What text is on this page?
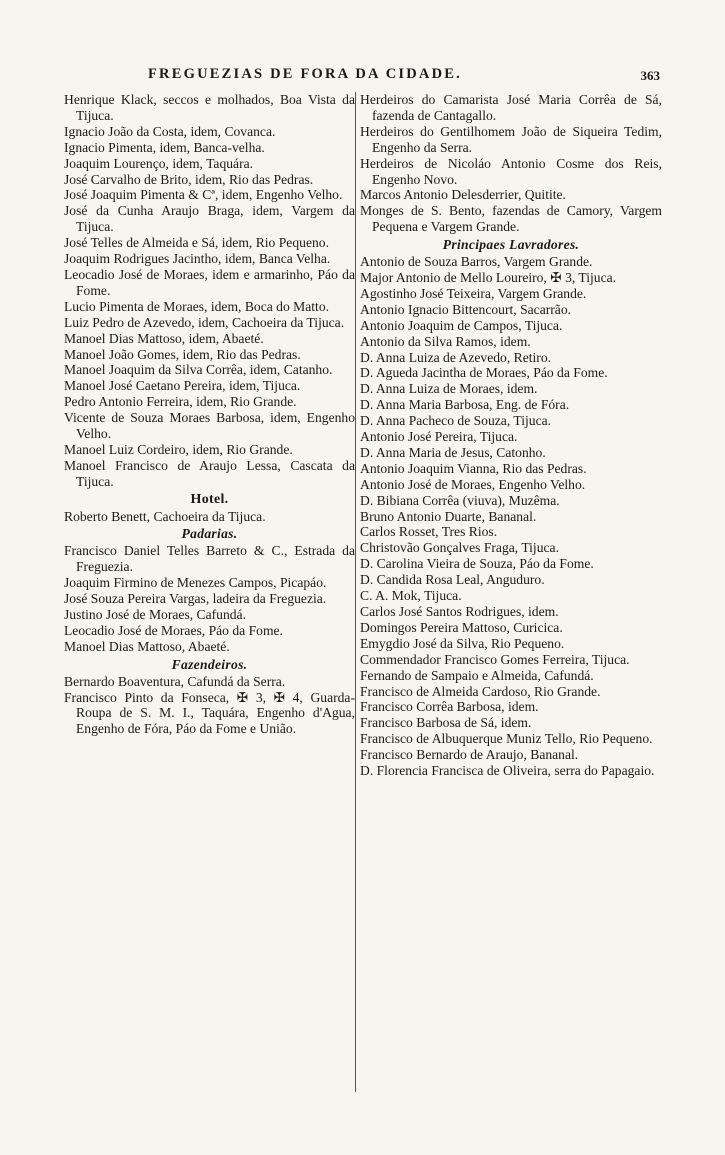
FREGUEZIAS DE FORA DA CIDADE.	363
Henrique Klack, seccos e molhados, Boa Vista da Tijuca.
Ignacio João da Costa, idem, Covanca.
Ignacio Pimenta, idem, Banca-velha.
Joaquim Lourenço, idem, Taquára.
José Carvalho de Brito, idem, Rio das Pedras.
José Joaquim Pimenta & Cª, idem, Engenho Velho.
José da Cunha Araujo Braga, idem, Vargem da Tijuca.
José Telles de Almeida e Sá, idem, Rio Pequeno.
Joaquim Rodrigues Jacintho, idem, Banca Velha.
Leocadio José de Moraes, idem e armarinho, Páo da Fome.
Lucio Pimenta de Moraes, idem, Boca do Matto.
Luiz Pedro de Azevedo, idem, Cachoeira da Tijuca.
Manoel Dias Mattoso, idem, Abaeté.
Manoel João Gomes, idem, Rio das Pedras.
Manoel Joaquim da Silva Corrêa, idem, Catanho.
Manoel José Caetano Pereira, idem, Tijuca.
Pedro Antonio Ferreira, idem, Rio Grande.
Vicente de Souza Moraes Barbosa, idem, Engenho Velho.
Manoel Luiz Cordeiro, idem, Rio Grande.
Manoel Francisco de Araujo Lessa, Cascata da Tijuca.
Hotel.
Roberto Benett, Cachoeira da Tijuca.
Padarias.
Francisco Daniel Telles Barreto & C., Estrada da Freguezia.
Joaquim Firmino de Menezes Campos, Picapáo.
José Souza Pereira Vargas, ladeira da Freguezia.
Justino José de Moraes, Cafundá.
Leocadio José de Moraes, Páo da Fome.
Manoel Dias Mattoso, Abaeté.
Fazendeiros.
Bernardo Boaventura, Cafundá da Serra.
Francisco Pinto da Fonseca, ✠ 3, ✠ 4, Guarda-Roupa de S. M. I., Taquára, Engenho d'Agua, Engenho de Fóra, Páo da Fome e União.
Herdeiros do Camarista José Maria Corrêa de Sá, fazenda de Cantagallo.
Herdeiros do Gentilhomem João de Siqueira Tedim, Engenho da Serra.
Herdeiros de Nicoláo Antonio Cosme dos Reis, Engenho Novo.
Marcos Antonio Delesderrier, Quitite.
Monges de S. Bento, fazendas de Camory, Vargem Pequena e Vargem Grande.
Principaes Lavradores.
Antonio de Souza Barros, Vargem Grande.
Major Antonio de Mello Loureiro, ✠ 3, Tijuca.
Agostinho José Teixeira, Vargem Grande.
Antonio Ignacio Bittencourt, Sacarrão.
Antonio Joaquim de Campos, Tijuca.
Antonio da Silva Ramos, idem.
D. Anna Luiza de Azevedo, Retiro.
D. Agueda Jacintha de Moraes, Páo da Fome.
D. Anna Luiza de Moraes, idem.
D. Anna Maria Barbosa, Eng. de Fóra.
D. Anna Pacheco de Souza, Tijuca.
Antonio José Pereira, Tijuca.
D. Anna Maria de Jesus, Catonho.
Antonio Joaquim Vianna, Rio das Pedras.
Antonio José de Moraes, Engenho Velho.
D. Bibiana Corrêa (viuva), Muzêma.
Bruno Antonio Duarte, Bananal.
Carlos Rosset, Tres Rios.
Christovão Gonçalves Fraga, Tijuca.
D. Carolina Vieira de Souza, Páo da Fome.
D. Candida Rosa Leal, Anguduro.
C. A. Mok, Tijuca.
Carlos José Santos Rodrigues, idem.
Domingos Pereira Mattoso, Curicica.
Emygdio José da Silva, Rio Pequeno.
Commendador Francisco Gomes Ferreira, Tijuca.
Fernando de Sampaio e Almeida, Cafundá.
Francisco de Almeida Cardoso, Rio Grande.
Francisco Corrêa Barbosa, idem.
Francisco Barbosa de Sá, idem.
Francisco de Albuquerque Muniz Tello, Rio Pequeno.
Francisco Bernardo de Araujo, Bananal.
D. Florencia Francisca de Oliveira, serra do Papagaio.
